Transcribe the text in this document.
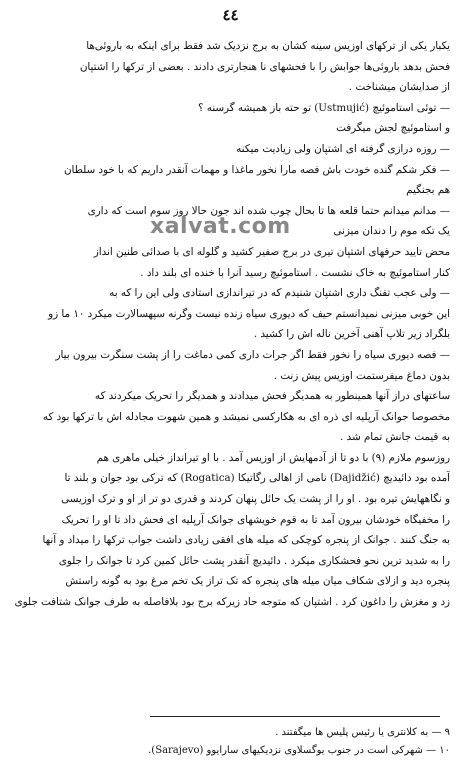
٤٤
یکبار یکی از ترکهای اوزیس سینه کشان به برج نزدیک شد فقط برای اینکه به باروئی‌ها
فحش بدهد باروئی‌ها جوابش را با فحشهای نا هنجارتری دادند . بعضی از ترکها را اشتپان
از صدایشان میشناخت .
— توئی استاموئیچ (Ustmujić) تو حته باز همیشه گرسنه ؟
و استاموئیچ لجش میگرفت
— روزه درازی گرفته ای اشتپان ولی زیادیت میکنه
— فکر شکم گنده خودت باش فصه مارا نخور ماغذا و مهمات آنقدر داریم که با خود سلطان
هم بجنگیم
— مدانم میدانم حتما قلعه ها تا بحال چوب شده اند جون حالا روز سوم است که داری
یک تکه موم را دندان میزنی
محض تایید حرفهای اشتپان تیری در برج صفیر کشید و گلوله ای با صدائی طنین انداز
کنار استاموئیچ به خاک نشست . استاموئیچ رسید آنرا با خنده ای بلند داد .
— ولی عجب تفنگ داری اشتپان شنیدم که در تیراندازی استادی ولی این را که به
این خوبی میزنی نمیدانستم حیف که دیوری سیاه زنده نیست وگرنه سپهسالارت میکرد ۱۰ ما زو
بلگراد زیر تلاپ آهنی آخرین ناله اش را کشید .
— فصه دیوری سیاه را نخور فقط اگر جرات داری کمی دماغت را از پشت سنگرت بیرون بیار
بدون دماغ میفرستمت اوزیس پیش زنت .
ساعتهای دراز آنها همینطور به همدیگر فحش میدادند و همدیگر را تحریک میکردند که
مخصوصا جوانک آرپلیه ای ذره ای به هکارکسی نمیشد و همین شهوت مجادله اش با ترکها بود که
به قیمت جانش تمام شد .
روزسوم ملازم (۹) با دو تا از آدمهایش از اوزیس آمد . با او تیرانداز خیلی ماهری هم
آمده بود دائیدیچ (Dajidžić) نامی از اهالی رگاتیکا (Rogatica) که ترکی بود جوان و بلند تا
و نگاههایش تیره بود . او را از پشت یک حائل پنهان کردند و قدری دو تر از او و ترک اوزیسی
را مخفیگاه خودشان بیرون آمد تا به قوم خویشهای جوانک آرپلیه ای فحش داد تا او را تحریک
به جنگ کنند . جوانک از پنجره کوچکی که میله های افقی زیادی داشت جواب ترکها را میداد و آنها
را به شدید ترین نحو فحشکاری میکرد . دائیدیچ آنقدر پشت حائل کمین کرد تا جوانک را جلوی
پنجره دید و ازلای شکاف میان میله های پنجره که تک تراز یک تخم مرغ بود به گونه راستش
زد و مغزش را داغون کرد . اشتپان که متوجه حاد زیرکه برج بود بلافاصله به طرف جوانک شتافت جلوی
xalvat.com
۹ — به کلانتری یا رئیس پلیس ها میگفتند .
۱۰ — شهرکی است در جنوب یوگسلاوی نزدیکیهای سارایوو (Sarajevo).
